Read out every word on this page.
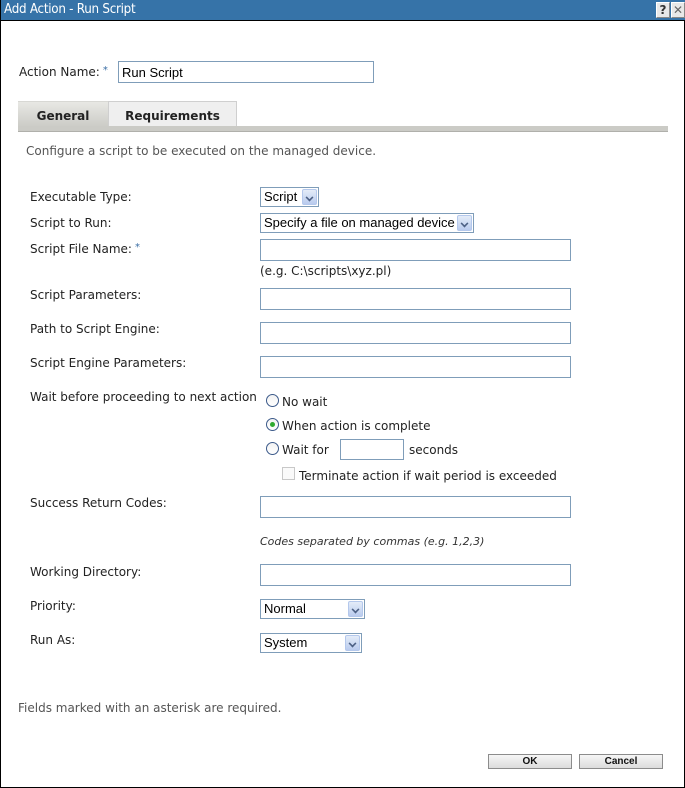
Add Action - Run Script	? ✕
Action Name: *
Run Script
General	Requirements
Configure a script to be executed on the managed device.
Executable Type:	Script
Script to Run:	Specify a file on managed device
Script File Name: *
(e.g. C:\scripts\xyz.pl)
Script Parameters:
Path to Script Engine:
Script Engine Parameters:
Wait before proceeding to next action No wait
When action is complete
Wait for	seconds
Terminate action if wait period is exceeded
Success Return Codes:
Codes separated by commas (e.g. 1,2,3)
Working Directory:
Priority:	Normal
Run As:	System
Fields marked with an asterisk are required.
OK	Cancel
